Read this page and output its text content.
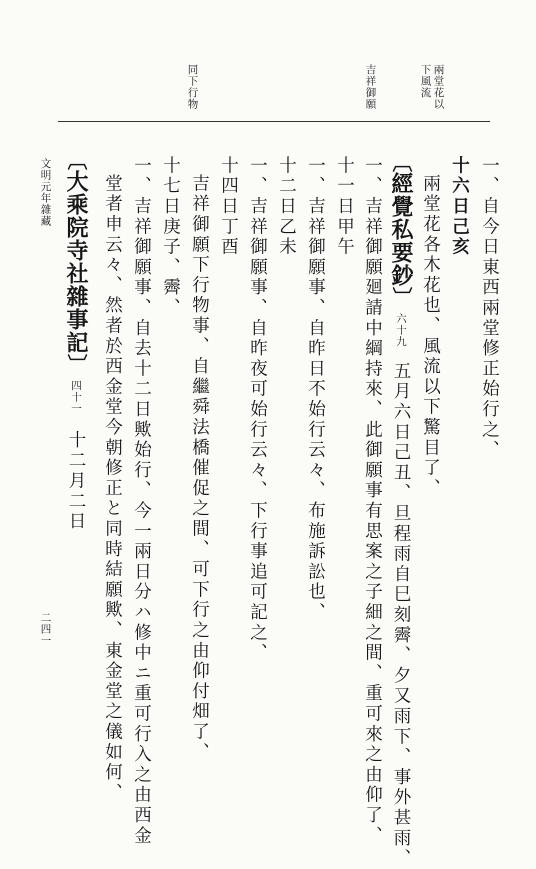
兩堂花以
下風流
吉祥御願
同下行物
一、自今日東西兩堂修正始行之、
十六日己亥
兩堂花各木花也、風流以下驚目了、
〔經覺私要鈔〕六十九五月六日己丑、旦程雨自巳刻霽、夕又雨下、事外甚雨、
一、吉祥御願廻請中綱持來、此御願事有思案之子細之間、重可來之由仰了、
十一日甲午
一、吉祥御願事、自昨日不始行云々、布施訴訟也、
十二日乙未
一、吉祥御願事、自昨夜可始行云々、下行事追可記之、
十四日丁酉
吉祥御願下行物事、自繼舜法橋催促之間、可下行之由仰付畑了、
十七日庚子、霽、
一、吉祥御願事、自去十二日歟始行、今一兩日分ハ修中ニ重可行入之由西金
堂者申云々、然者於西金堂今朝修正と同時結願歟、東金堂之儀如何、
〔大乘院寺社雜事記〕四十一十二月二日
文明元年雜藏
二四一
